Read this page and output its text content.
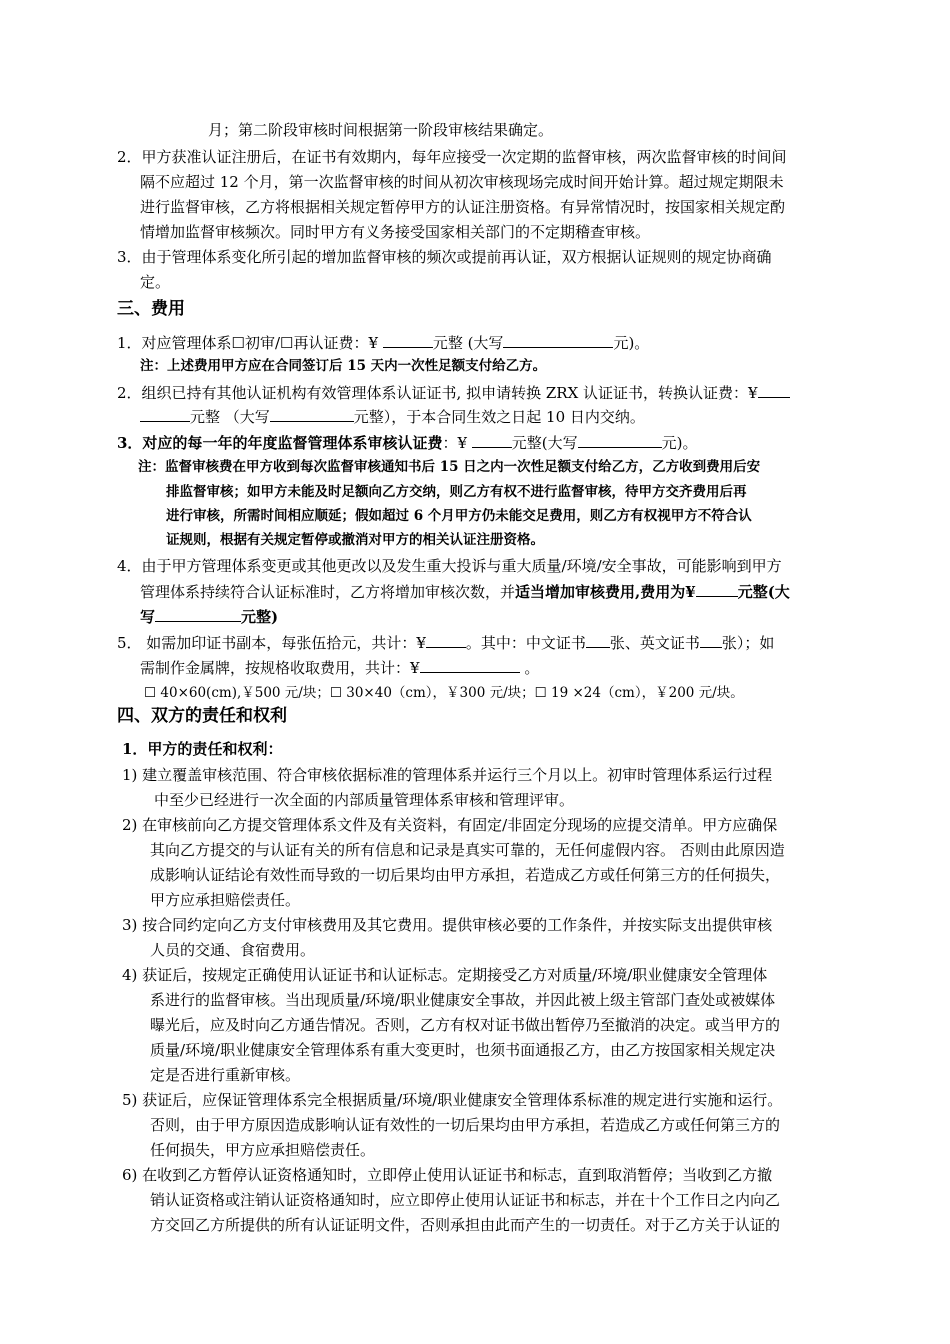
月；第二阶段审核时间根据第一阶段审核结果确定。
2．甲方获准认证注册后，在证书有效期内，每年应接受一次定期的监督审核，两次监督审核的时间间
隔不应超过 12 个月，第一次监督审核的时间从初次审核现场完成时间开始计算。超过规定期限未
进行监督审核，乙方将根据相关规定暂停甲方的认证注册资格。有异常情况时，按国家相关规定酌
情增加监督审核频次。同时甲方有义务接受国家相关部门的不定期稽查审核。
3．由于管理体系变化所引起的增加监督审核的频次或提前再认证，双方根据认证规则的规定协商确
定。
三、费用
1．对应管理体系☐初审/☐再认证费：¥	元整 (大写	元)。
注：上述费用甲方应在合同签订后 15 天内一次性足额支付给乙方。
2．组织已持有其他认证机构有效管理体系认证证书, 拟申请转换 ZRX 认证证书，转换认证费：¥
元整 （大写	元整），于本合同生效之日起 10 日内交纳。
3．对应的每一年的年度监督管理体系审核认证费：¥	元整(大写	元)。
注：监督审核费在甲方收到每次监督审核通知书后 15 日之内一次性足额支付给乙方，乙方收到费用后安
排监督审核；如甲方未能及时足额向乙方交纳，则乙方有权不进行监督审核，待甲方交齐费用后再
进行审核，所需时间相应顺延；假如超过 6 个月甲方仍未能交足费用，则乙方有权视甲方不符合认
证规则，根据有关规定暂停或撤消对甲方的相关认证注册资格。
4．由于甲方管理体系变更或其他更改以及发生重大投诉与重大质量/环境/安全事故，可能影响到甲方
管理体系持续符合认证标准时，乙方将增加审核次数，并适当增加审核费用,费用为¥	元整(大
写	元整)
5． 如需加印证书副本，每张伍拾元，共计：¥	。其中：中文证书 张、英文证书 张）；如
需制作金属牌，按规格收取费用，共计：¥	。
☐ 40×60(cm),￥500 元/块；☐ 30×40（cm），￥300 元/块；☐ 19 ×24（cm），￥200 元/块。
四、双方的责任和权利
1．甲方的责任和权利：
1) 建立覆盖审核范围、符合审核依据标准的管理体系并运行三个月以上。初审时管理体系运行过程
中至少已经进行一次全面的内部质量管理体系审核和管理评审。
2) 在审核前向乙方提交管理体系文件及有关资料，有固定/非固定分现场的应提交清单。甲方应确保
其向乙方提交的与认证有关的所有信息和记录是真实可靠的，无任何虚假内容。 否则由此原因造
成影响认证结论有效性而导致的一切后果均由甲方承担，若造成乙方或任何第三方的任何损失，
甲方应承担赔偿责任。
3) 按合同约定向乙方支付审核费用及其它费用。提供审核必要的工作条件，并按实际支出提供审核
人员的交通、食宿费用。
4) 获证后，按规定正确使用认证证书和认证标志。定期接受乙方对质量/环境/职业健康安全管理体
系进行的监督审核。当出现质量/环境/职业健康安全事故，并因此被上级主管部门查处或被媒体
曝光后，应及时向乙方通告情况。否则，乙方有权对证书做出暂停乃至撤消的决定。或当甲方的
质量/环境/职业健康安全管理体系有重大变更时，也须书面通报乙方，由乙方按国家相关规定决
定是否进行重新审核。
5) 获证后，应保证管理体系完全根据质量/环境/职业健康安全管理体系标准的规定进行实施和运行。
否则，由于甲方原因造成影响认证有效性的一切后果均由甲方承担，若造成乙方或任何第三方的
任何损失，甲方应承担赔偿责任。
6) 在收到乙方暂停认证资格通知时，立即停止使用认证证书和标志，直到取消暂停；当收到乙方撤
销认证资格或注销认证资格通知时，应立即停止使用认证证书和标志，并在十个工作日之内向乙
方交回乙方所提供的所有认证证明文件，否则承担由此而产生的一切责任。对于乙方关于认证的
